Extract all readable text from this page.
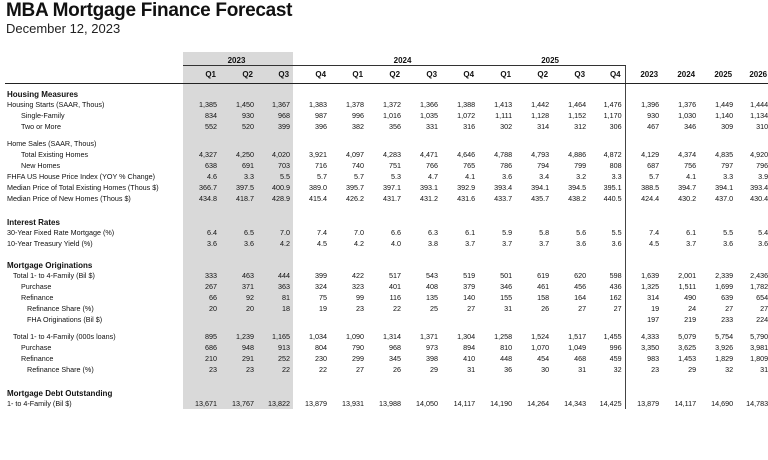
MBA Mortgage Finance Forecast
December 12, 2023
	2023				2024				2025							
	Q1	Q2	Q3	Q4	Q1	Q2	Q3	Q4	Q1	Q2	Q3	Q4	2023	2024	2025	2026
Housing Measures																
Housing Starts (SAAR, Thous)	1,385	1,450	1,367	1,383	1,378	1,372	1,366	1,388	1,413	1,442	1,464	1,476	1,396	1,376	1,449	1,444
Single-Family	834	930	968	987	996	1,016	1,035	1,072	1,111	1,128	1,152	1,170	930	1,030	1,140	1,134
Two or More	552	520	399	396	382	356	331	316	302	314	312	306	467	346	309	310

Home Sales (SAAR, Thous)																
Total Existing Homes	4,327	4,250	4,020	3,921	4,097	4,283	4,471	4,646	4,788	4,793	4,886	4,872	4,129	4,374	4,835	4,920
New Homes	638	691	703	716	740	751	766	765	786	794	799	808	687	756	797	796
FHFA US House Price Index (YOY % Change)	4.6	3.3	5.5	5.7	5.7	5.3	4.7	4.1	3.6	3.4	3.2	3.3	5.7	4.1	3.3	3.9
Median Price of Total Existing Homes (Thous $)	366.7	397.5	400.9	389.0	395.7	397.1	393.1	392.9	393.4	394.1	394.5	395.1	388.5	394.7	394.1	393.4
Median Price of New Homes (Thous $)	434.8	418.7	428.9	415.4	426.2	431.7	431.2	431.6	433.7	435.7	438.2	440.5	424.4	430.2	437.0	430.4

Interest Rates																
30-Year Fixed Rate Mortgage (%)	6.4	6.5	7.0	7.4	7.0	6.6	6.3	6.1	5.9	5.8	5.6	5.5	7.4	6.1	5.5	5.4
10-Year Treasury Yield (%)	3.6	3.6	4.2	4.5	4.2	4.0	3.8	3.7	3.7	3.7	3.6	3.6	4.5	3.7	3.6	3.6

Mortgage Originations																
Total 1- to 4-Family (Bil $)	333	463	444	399	422	517	543	519	501	619	620	598	1,639	2,001	2,339	2,436
Purchase	267	371	363	324	323	401	408	379	346	461	456	436	1,325	1,511	1,699	1,782
Refinance	66	92	81	75	99	116	135	140	155	158	164	162	314	490	639	654
Refinance Share (%)	20	20	18	19	23	22	25	27	31	26	27	27	19	24	27	27
FHA Originations (Bil $)													197	219	233	224

Total 1- to 4-Family (000s loans)	895	1,239	1,165	1,034	1,090	1,314	1,371	1,304	1,258	1,524	1,517	1,455	4,333	5,079	5,754	5,790
Purchase	686	948	913	804	790	968	973	894	810	1,070	1,049	996	3,350	3,625	3,926	3,981
Refinance	210	291	252	230	299	345	398	410	448	454	468	459	983	1,453	1,829	1,809
Refinance Share (%)	23	23	22	22	27	26	29	31	36	30	31	32	23	29	32	31

Mortgage Debt Outstanding																
1- to 4-Family (Bil $)	13,671	13,767	13,822	13,879	13,931	13,988	14,050	14,117	14,190	14,264	14,343	14,425	13,879	14,117	14,690	14,783
